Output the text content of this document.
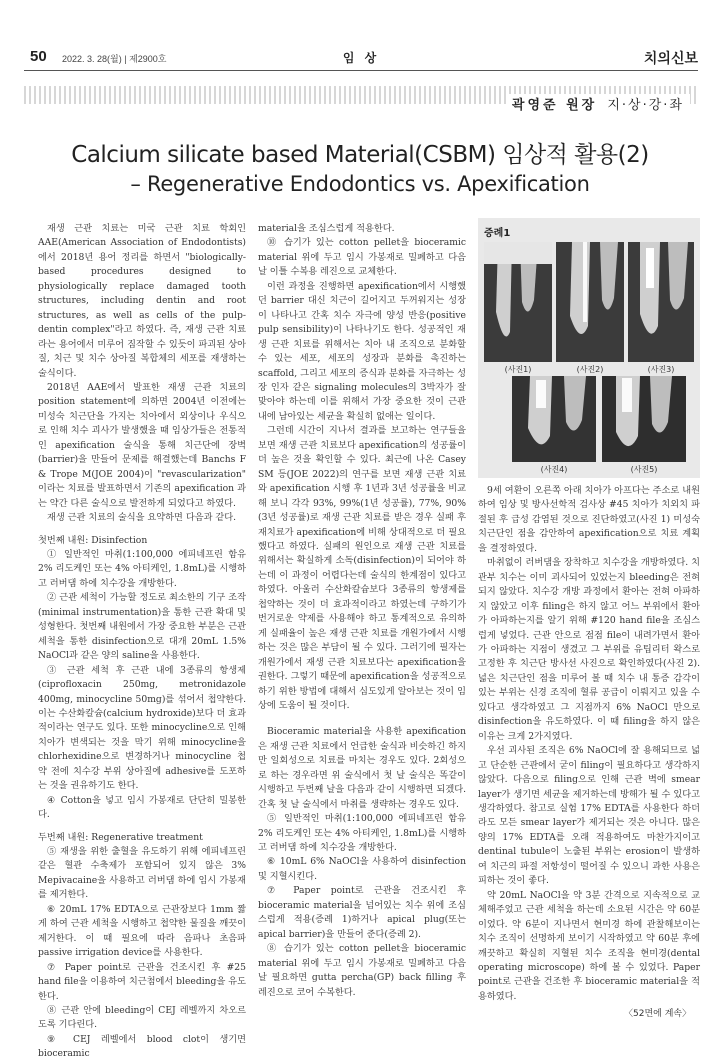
50 2022. 3. 28(월) | 제2900호	임 상	치의신보
곽영준 원장 지·상·강·좌
Calcium silicate based Material(CSBM) 임상적 활용(2)
– Regenerative Endodontics vs. Apexification

재생 근관 치료는 미국 근관 치료 학회인 AAE(American Association of Endodontists)에서 2018년 용어 정리를 하면서 "biologically-based procedures designed to physiologically replace damaged tooth structures, including dentin and root structures, as well as cells of the pulp-dentin complex"라고 하였다. 즉, 재생 근관 치료라는 용어에서 미루어 짐작할 수 있듯이 파괴된 상아질, 치근 및 치수 상아질 복합체의 세포를 재생하는 술식이다.

2018년 AAE에서 발표한 재생 근관 치료의 position statement에 의하면 2004년 이전에는 미성숙 치근단을 가지는 치아에서 외상이나 우식으로 인해 치수 괴사가 발생했을 때 임상가들은 전통적인 apexification 술식을 통해 치근단에 장벽(barrier)을 만들어 문제를 해결했는데 Banchs F & Trope M(JOE 2004)이 "revascularization" 이라는 치료를 발표하면서 기존의 apexification 과는 약간 다른 술식으로 발전하게 되었다고 하였다.

재생 근관 치료의 술식을 요약하면 다음과 같다.

첫번째 내원: Disinfection

① 일반적인 마취(1:100,000 에피네프린 함유 2% 리도케인 또는 4% 아티케인, 1.8mL)를 시행하고 러버댐 하에 치수강을 개방한다.

② 근관 세척이 가능할 정도로 최소한의 기구 조작(minimal instrumentation)을 통한 근관 확대 및 성형한다. 첫번째 내원에서 가장 중요한 부분은 근관 세척을 통한 disinfection으로 대개 20mL 1.5% NaOCl과 같은 양의 saline을 사용한다.

③ 근관 세척 후 근관 내에 3종류의 항생제(ciprofloxacin 250mg, metronidazole 400mg, minocycline 50mg)를 섞어서 첩약한다. 이는 수산화칼슘(calcium hydroxide)보다 더 효과적이라는 연구도 있다. 또한 minocycline으로 인해 치아가 변색되는 것을 막기 위해 minocycline을 chlorhexidine으로 변경하거나 minocycline 첩약 전에 치수강 부위 상아질에 adhesive를 도포하는 것을 권유하기도 한다.

④ Cotton을 넣고 임시 가봉재로 단단히 밀봉한다.

두번째 내원: Regenerative treatment

⑤ 재생을 위한 출혈을 유도하기 위해 에피네프린 같은 혈관 수축제가 포함되어 있지 않은 3% Mepivacaine을 사용하고 러버댐 하에 임시 가봉재를 제거한다.

⑥ 20mL 17% EDTA으로 근관장보다 1mm 짧게 하여 근관 세척을 시행하고 첩약한 물질을 깨끗이 제거한다. 이 때 필요에 따라 음파나 초음파 passive irrigation device를 사용한다.

⑦ Paper point로 근관을 건조시킨 후 #25 hand file을 이용하여 치근첨에서 bleeding을 유도한다.

⑧ 근관 안에 bleeding이 CEJ 레벨까지 차오르도록 기다린다.

⑨ CEJ 레벨에서 blood clot이 생기면 bioceramic

material을 조심스럽게 적용한다.

⑩ 습기가 있는 cotton pellet을 bioceramic material 위에 두고 임시 가봉재로 밀폐하고 다음 날 이틀 수복용 레진으로 교체한다.

이런 과정을 진행하면 apexification에서 시행했던 barrier 대신 치근이 길어지고 두꺼워지는 성장이 나타나고 간혹 치수 자극에 양성 반응(positive pulp sensibility)이 나타나기도 한다. 성공적인 재생 근관 치료를 위해서는 치아 내 조직으로 분화할 수 있는 세포, 세포의 성장과 분화를 촉진하는 scaffold, 그리고 세포의 증식과 분화를 자극하는 성장 인자 같은 signaling molecules의 3박자가 잘 맞아야 하는데 이를 위해서 가장 중요한 것이 근관 내에 남아있는 세균을 확실히 없애는 일이다.

그런데 시간이 지나서 결과를 보고하는 연구들을 보면 재생 근관 치료보다 apexification의 성공률이 더 높은 것을 확인할 수 있다. 최근에 나온 Casey SM 등(JOE 2022)의 연구를 보면 재생 근관 치료와 apexification 시행 후 1년과 3년 성공률을 비교해 보니 각각 93%, 99%(1년 성공률), 77%, 90%(3년 성공률)로 재생 근관 치료를 받은 경우 실패 후 재치료가 apexification에 비해 상대적으로 더 필요했다고 하였다. 실패의 원인으로 재생 근관 치료를 위해서는 확실하게 소독(disinfection)이 되어야 하는데 이 과정이 어렵다는데 술식의 한계점이 있다고 하였다. 아울러 수산화칼슘보다 3종류의 항생제를 첩약하는 것이 더 효과적이라고 하였는데 구하기가 번거로운 약제를 사용해야 하고 통계적으로 유의하게 실패율이 높은 재생 근관 치료를 개원가에서 시행하는 것은 많은 부담이 될 수 있다. 그러기에 필자는 개원가에서 재생 근관 치료보다는 apexification을 권한다. 그렇기 때문에 apexification을 성공적으로 하기 위한 방법에 대해서 심도있게 알아보는 것이 임상에 도움이 될 것이다.

Bioceramic material을 사용한 apexification은 재생 근관 치료에서 언급한 술식과 비슷하긴 하지만 일회성으로 치료를 마치는 경우도 있다. 2회성으로 하는 경우라면 위 술식에서 첫 날 술식은 똑같이 시행하고 두번째 날을 다음과 같이 시행하면 되겠다. 간혹 첫 날 술식에서 마취를 생략하는 경우도 있다.

⑤ 일반적인 마취(1:100,000 에피네프린 함유 2% 리도케인 또는 4% 아티케인, 1.8mL)를 시행하고 러버댐 하에 치수강을 개방한다.

⑥ 10mL 6% NaOCl을 사용하여 disinfection 및 지혈시킨다.

⑦ Paper point로 근관을 건조시킨 후 bioceramic material을 넘어있는 치수 위에 조심스럽게 적용(증례 1)하거나 apical plug(또는 apical barrier)을 만들어 준다(증례 2).

⑧ 습기가 있는 cotton pellet을 bioceramic material 위에 두고 임시 가봉재로 밀폐하고 다음 날 필요하면 gutta percha(GP) back filling 후 레진으로 코어 수복한다.

증례1
(사진1)	(사진2)	(사진3)
(사진4)	(사진5)

9세 여환이 오른쪽 아래 치아가 아프다는 주소로 내원하여 임상 및 방사선학적 검사상 #45 치아가 치외치 파절된 후 급성 감염된 것으로 진단하였고(사진 1) 미성숙 치근단인 점을 감안하여 apexification으로 치료 계획을 결정하였다.

마취없이 러버댐을 장착하고 치수강을 개방하였다. 치관부 치수는 이미 괴사되어 있었는지 bleeding은 전혀 되지 않았다. 치수강 개방 과정에서 환아는 전혀 아파하지 않았고 이후 filing은 하지 않고 어느 부위에서 환아가 아파하는지를 알기 위해 #120 hand file을 조심스럽게 넣었다. 근관 안으로 점점 file이 내려가면서 환아가 아파하는 지점이 생겼고 그 부위를 유팁리터 왁스로 고정한 후 치근단 방사선 사진으로 확인하였다(사진 2). 넓은 치근단인 점을 미루어 볼 때 치수 내 통증 감각이 있는 부위는 신경 조직에 혈류 공급이 이뤄지고 있을 수 있다고 생각하였고 그 지점까지 6% NaOCl 만으로 disinfection을 유도하였다. 이 때 filing을 하지 않은 이유는 크게 2가지였다.

우선 괴사된 조직은 6% NaOCl에 잘 용해되므로 넓고 단순한 근관에서 굳이 filing이 필요하다고 생각하지 않았다. 다음으로 filing으로 인해 근관 벽에 smear layer가 생기면 세균을 제거하는데 방해가 될 수 있다고 생각하였다. 참고로 실험 17% EDTA를 사용한다 하더라도 모든 smear layer가 제거되는 것은 아니다. 많은 양의 17% EDTA를 오래 적용하여도 마찬가지이고 dentinal tubule이 노출된 부위는 erosion이 발생하여 치근의 파절 저항성이 떨어질 수 있으니 과한 사용은 피하는 것이 좋다.

약 20mL NaOCl을 약 3분 간격으로 지속적으로 교체해주었고 근관 세척을 하는데 소요된 시간은 약 60분이었다. 약 6분이 지나면서 현미경 하에 관찰해보이는 치수 조직이 선명하게 보이기 시작하였고 약 60분 후에 깨끗하고 확실히 지혈된 치수 조직을 현미경(dental operating microscope) 하에 볼 수 있었다. Paper point로 근관을 건조한 후 bioceramic material을 적용하였다.

〈52면에 계속〉
